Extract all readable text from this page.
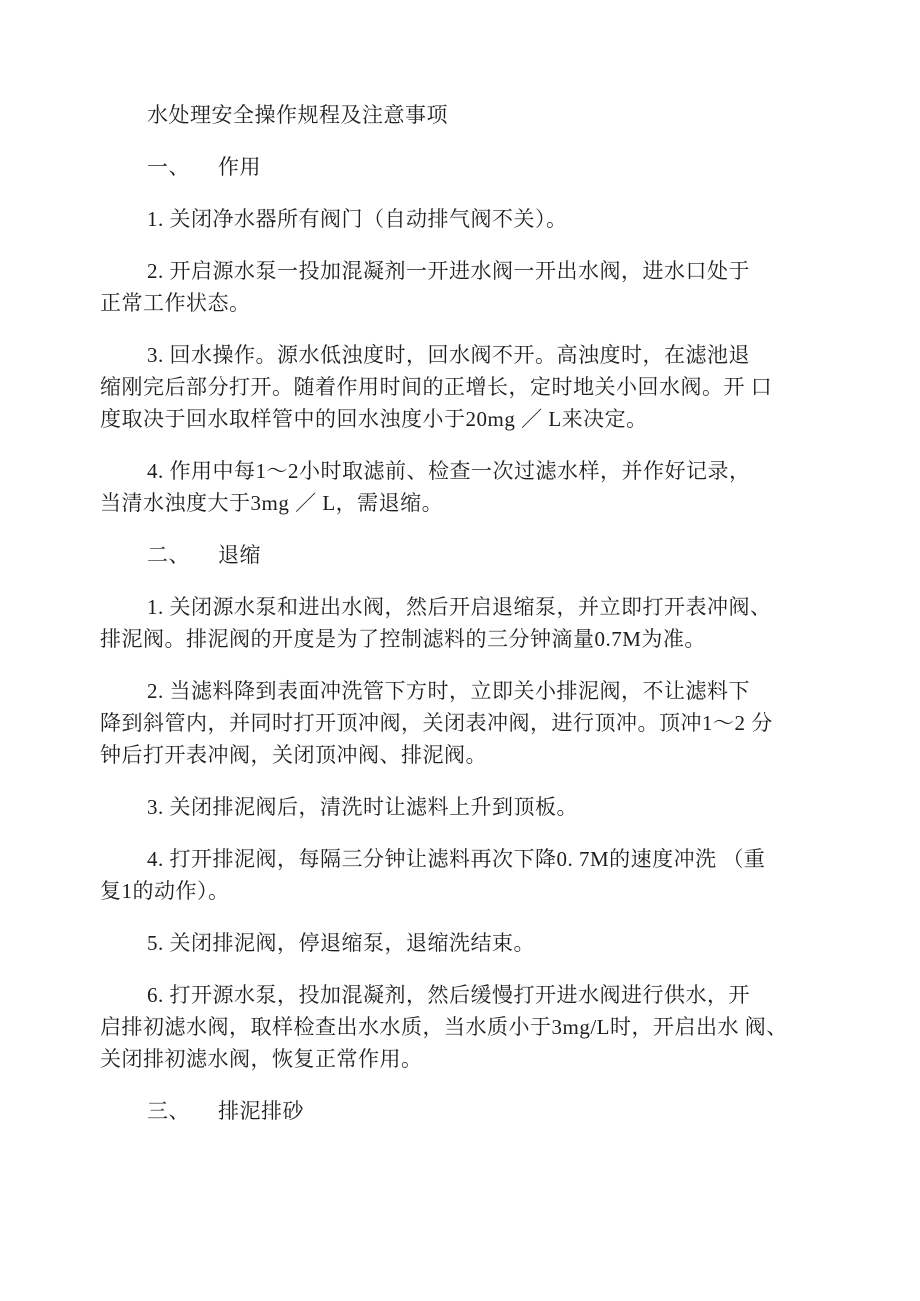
水处理安全操作规程及注意事项
一、 作用
1. 关闭净水器所有阀门（自动排气阀不关）。
2. 开启源水泵一投加混凝剂一开进水阀一开出水阀，进水口处于
正常工作状态。
3. 回水操作。源水低浊度时，回水阀不开。高浊度时，在滤池退
缩刚完后部分打开。随着作用时间的正增长，定时地关小回水阀。开 口
度取决于回水取样管中的回水浊度小于20mg ／ L来决定。
4. 作用中每1〜2小时取滤前、检查一次过滤水样，并作好记录，
当清水浊度大于3mg ／ L，需退缩。
二、 退缩
1. 关闭源水泵和进出水阀，然后开启退缩泵，并立即打开表冲阀、
排泥阀。排泥阀的开度是为了控制滤料的三分钟滴量0.7M为准。
2. 当滤料降到表面冲洗管下方时，立即关小排泥阀，不让滤料下
降到斜管内，并同时打开顶冲阀，关闭表冲阀，进行顶冲。顶冲1〜2 分
钟后打开表冲阀，关闭顶冲阀、排泥阀。
3. 关闭排泥阀后，清洗时让滤料上升到顶板。
4. 打开排泥阀，每隔三分钟让滤料再次下降0. 7M的速度冲洗 （重
复1的动作）。
5. 关闭排泥阀，停退缩泵，退缩洗结束。
6. 打开源水泵，投加混凝剂，然后缓慢打开进水阀进行供水，开
启排初滤水阀，取样检查出水水质，当水质小于3mg/L时，开启出水 阀、
关闭排初滤水阀，恢复正常作用。
三、 排泥排砂
